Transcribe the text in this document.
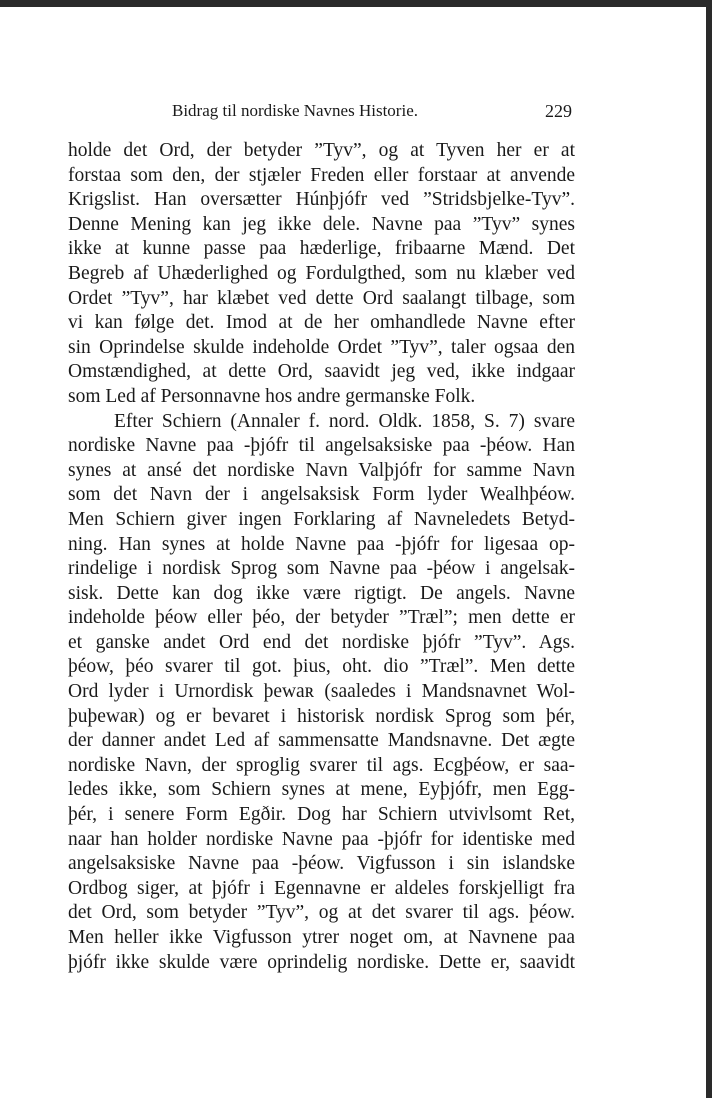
Bidrag til nordiske Navnes Historie.	229
holde det Ord, der betyder ”Tyv”, og at Tyven her er at
forstaa som den, der stjæler Freden eller forstaar at anvende
Krigslist. Han oversætter Húnþjófr ved ”Stridsbjelke-Tyv”.
Denne Mening kan jeg ikke dele. Navne paa ”Tyv” synes
ikke at kunne passe paa hæderlige, fribaarne Mænd. Det
Begreb af Uhæderlighed og Fordulgthed, som nu klæber ved
Ordet ”Tyv”, har klæbet ved dette Ord saalangt tilbage, som
vi kan følge det. Imod at de her omhandlede Navne efter
sin Oprindelse skulde indeholde Ordet ”Tyv”, taler ogsaa den
Omstændighed, at dette Ord, saavidt jeg ved, ikke indgaar
som Led af Personnavne hos andre germanske Folk.
Efter Schiern (Annaler f. nord. Oldk. 1858, S. 7) svare
nordiske Navne paa -þjófr til angelsaksiske paa -þéow. Han
synes at ansé det nordiske Navn Valþjófr for samme Navn
som det Navn der i angelsaksisk Form lyder Wealhþéow.
Men Schiern giver ingen Forklaring af Navneledets Betyd-
ning. Han synes at holde Navne paa -þjófr for ligesaa op-
rindelige i nordisk Sprog som Navne paa -þéow i angelsak-
sisk. Dette kan dog ikke være rigtigt. De angels. Navne
indeholde þéow eller þéo, der betyder ”Træl”; men dette er
et ganske andet Ord end det nordiske þjófr ”Tyv”. Ags.
þéow, þéo svarer til got. þius, oht. dio ”Træl”. Men dette
Ord lyder i Urnordisk þewaʀ (saaledes i Mandsnavnet Wol-
þuþewaʀ) og er bevaret i historisk nordisk Sprog som þér,
der danner andet Led af sammensatte Mandsnavne. Det ægte
nordiske Navn, der sproglig svarer til ags. Ecgþéow, er saa-
ledes ikke, som Schiern synes at mene, Eyþjófr, men Egg-
þér, i senere Form Egðir. Dog har Schiern utvivlsomt Ret,
naar han holder nordiske Navne paa -þjófr for identiske med
angelsaksiske Navne paa -þéow. Vigfusson i sin islandske
Ordbog siger, at þjófr i Egennavne er aldeles forskjelligt fra
det Ord, som betyder ”Tyv”, og at det svarer til ags. þéow.
Men heller ikke Vigfusson ytrer noget om, at Navnene paa
þjófr ikke skulde være oprindelig nordiske. Dette er, saavidt
